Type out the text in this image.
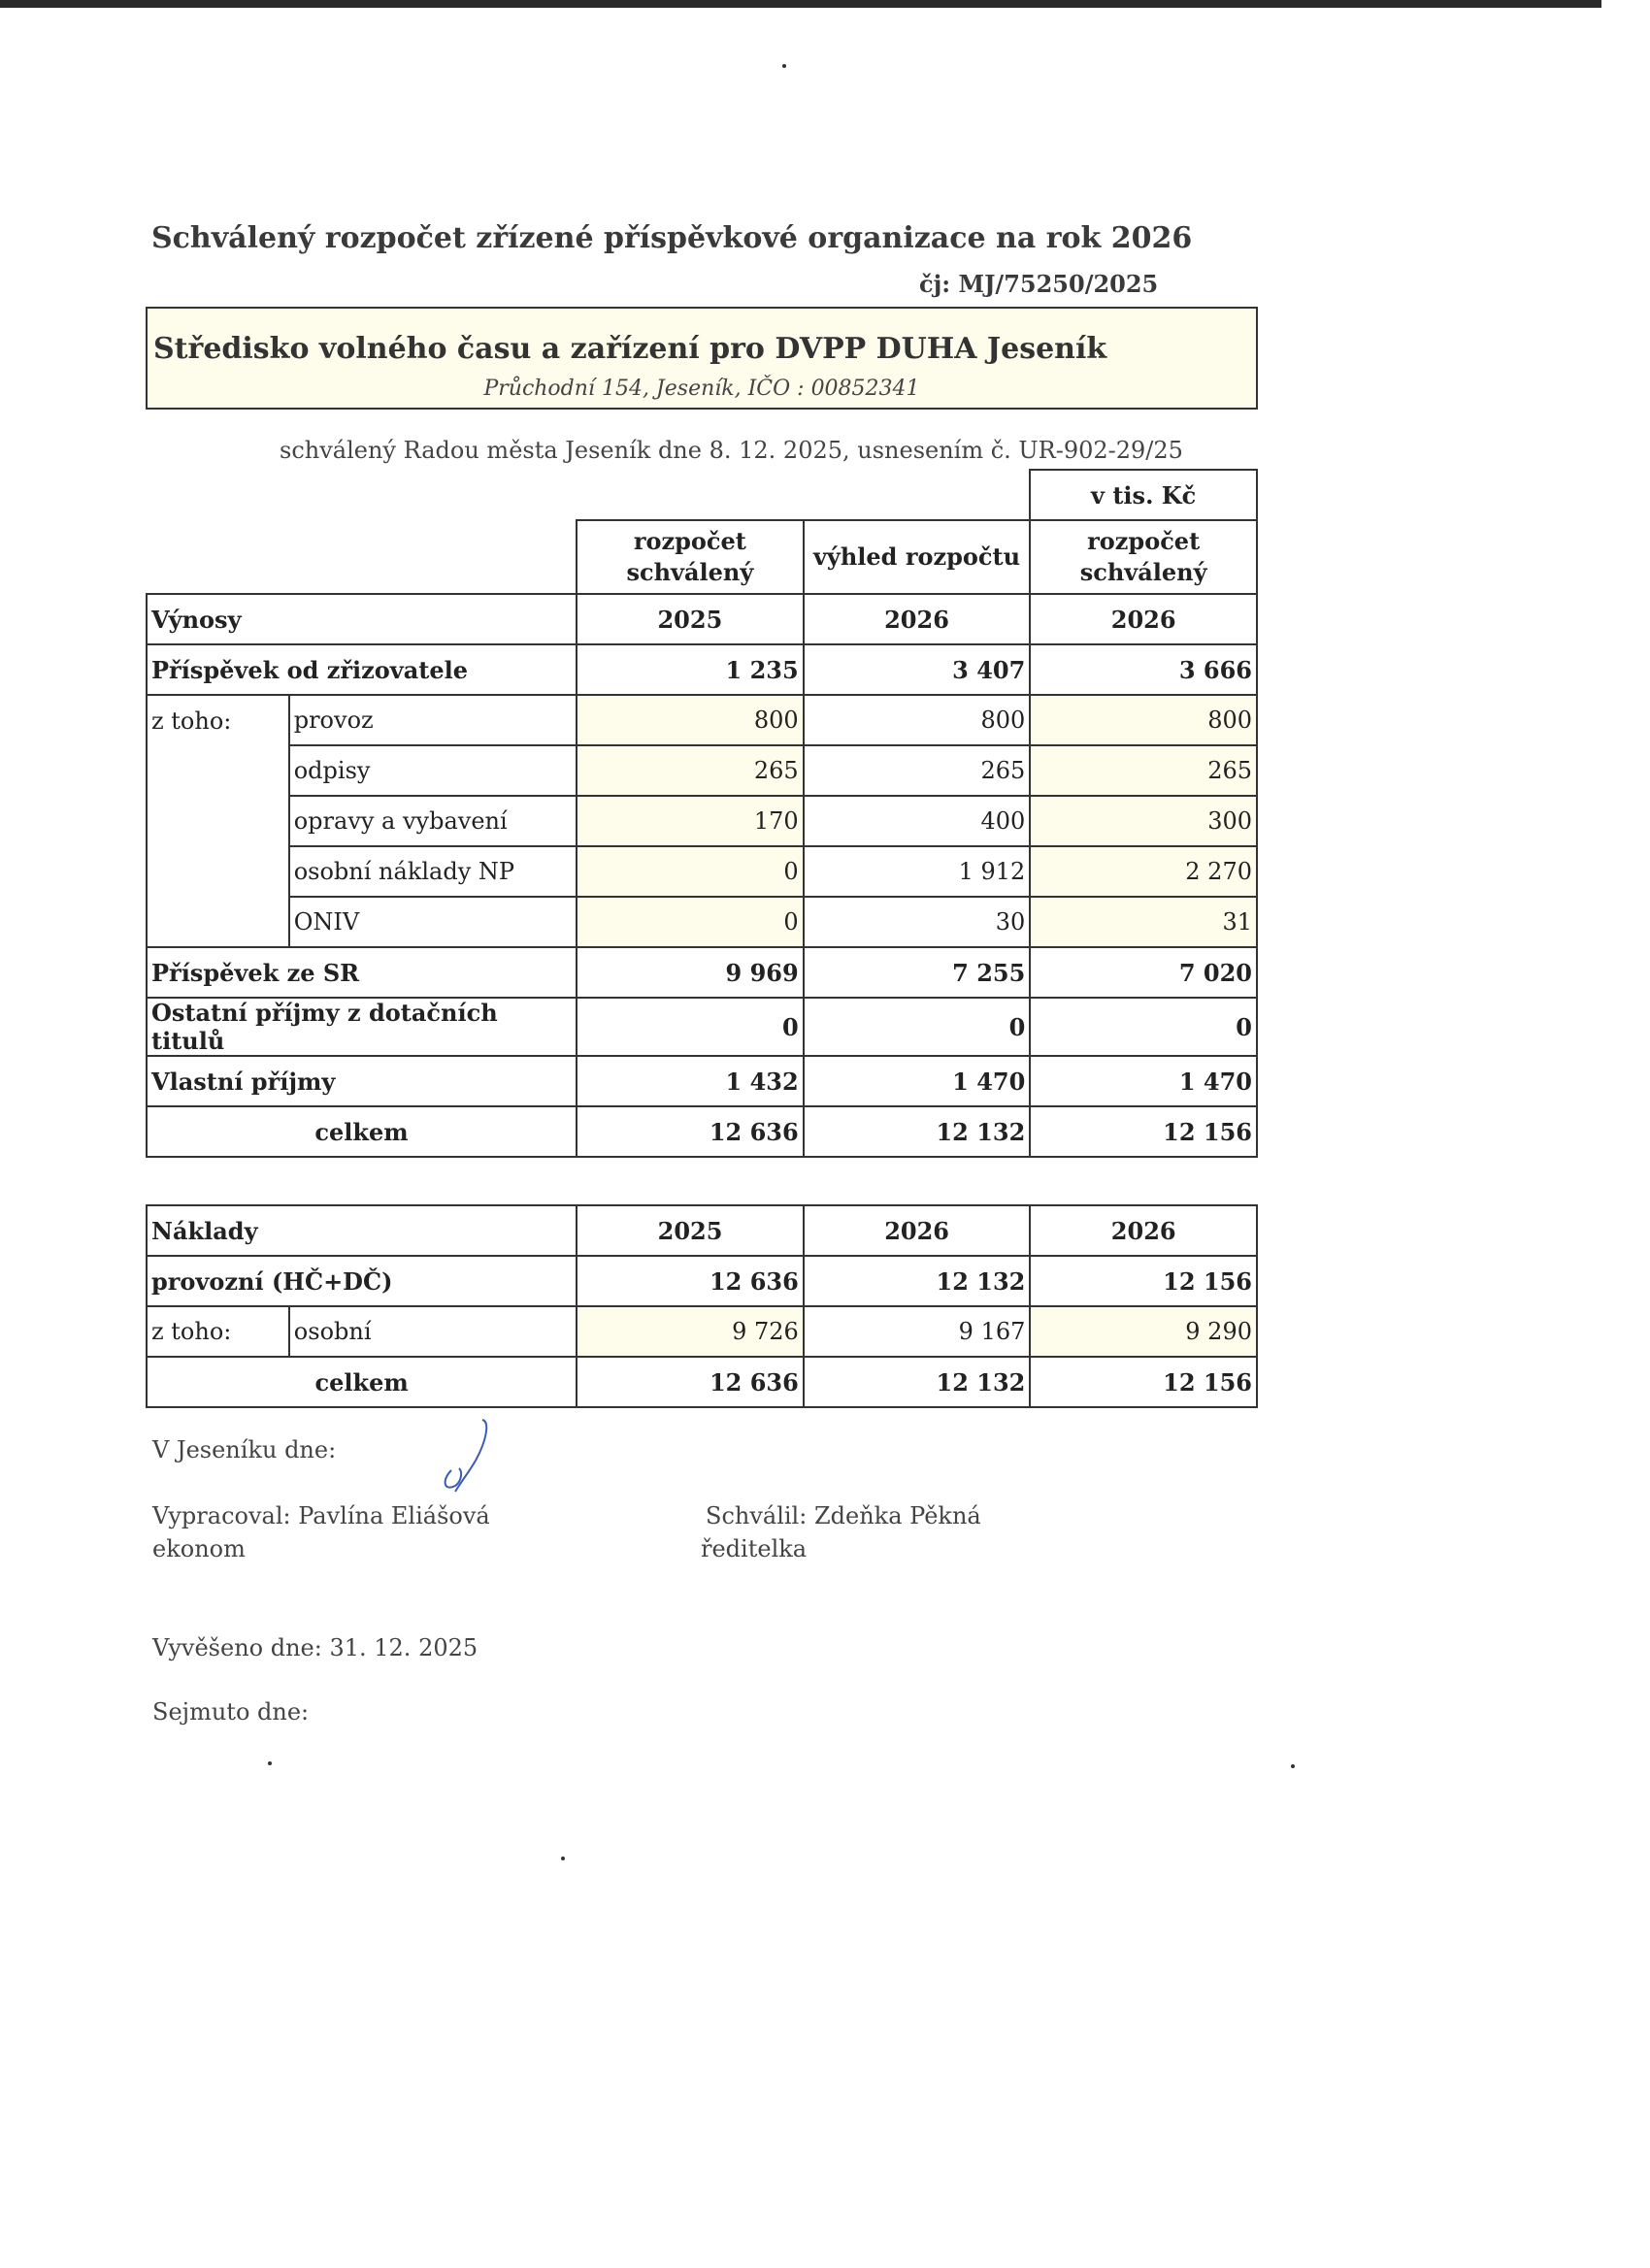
Schválený rozpočet zřízené příspěvkové organizace na rok 2026
čj: MJ/75250/2025
Středisko volného času a zařízení pro DVPP DUHA Jeseník
Průchodní 154, Jeseník, IČO : 00852341
schválený Radou města Jeseník dne 8. 12. 2025, usnesením č. UR-902-29/25
				v tis. Kč
		rozpočet schválený	výhled rozpočtu	rozpočet schválený
Výnosy		2025	2026	2026
Příspěvek od zřizovatele		1 235	3 407	3 666
z toho:	provoz	800	800	800
	odpisy	265	265	265
	opravy a vybavení	170	400	300
	osobní náklady NP	0	1 912	2 270
	ONIV	0	30	31
Příspěvek ze SR		9 969	7 255	7 020
Ostatní příjmy z dotačních titulů		0	0	0
Vlastní příjmy		1 432	1 470	1 470
celkem		12 636	12 132	12 156
Náklady		2025	2026	2026
provozní (HČ+DČ)		12 636	12 132	12 156
z toho:	osobní	9 726	9 167	9 290
celkem		12 636	12 132	12 156
V Jeseníku dne:
Vypracoval: Pavlína Eliášová
ekonom
Schválil: Zdeňka Pěkná
ředitelka
Vyvěšeno dne: 31. 12. 2025
Sejmuto dne:
